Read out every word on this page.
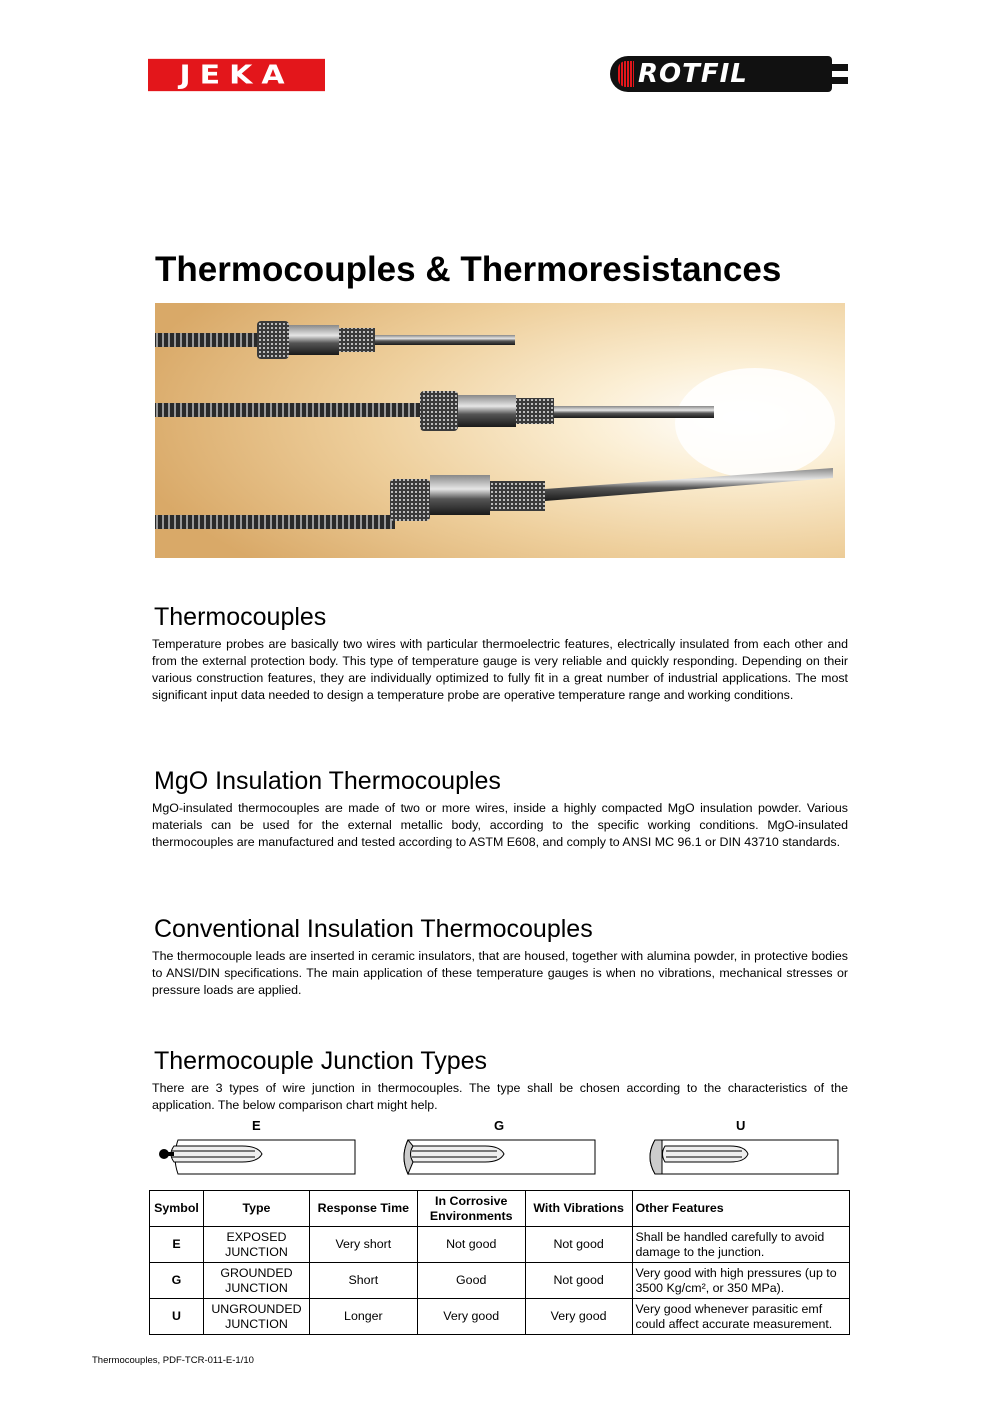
JEKA	ROTFIL
Thermocouples & Thermoresistances
Thermocouples

Temperature probes are basically two wires with particular thermoelectric features, electrically insulated from each other and from the external protection body. This type of temperature gauge is very reliable and quickly responding. Depending on their various construction features, they are individually optimized to fully fit in a great number of industrial applications. The most significant input data needed to design a temperature probe are operative temperature range and working conditions.

MgO Insulation Thermocouples

MgO-insulated thermocouples are made of two or more wires, inside a highly compacted MgO insulation powder. Various materials can be used for the external metallic body, according to the specific working conditions. MgO-insulated thermocouples are manufactured and tested according to ASTM E608, and comply to ANSI MC 96.1 or DIN 43710 standards.

Conventional Insulation Thermocouples

The thermocouple leads are inserted in ceramic insulators, that are housed, together with alumina powder, in protective bodies to ANSI/DIN specifications. The main application of these temperature gauges is when no vibrations, mechanical stresses or pressure loads are applied.

Thermocouple Junction Types

There are 3 types of wire junction in thermocouples. The type shall be chosen according to the characteristics of the application. The below comparison chart might help.

E	G	U
Symbol	Type	Response Time	In Corrosive Environments	With Vibrations	Other Features
E	EXPOSED JUNCTION	Very short	Not good	Not good	Shall be handled carefully to avoid damage to the junction.
G	GROUNDED JUNCTION	Short	Good	Not good	Very good with high pressures (up to 3500 Kg/cm², or 350 MPa).
U	UNGROUNDED JUNCTION	Longer	Very good	Very good	Very good whenever parasitic emf could affect accurate measurement.
Thermocouples, PDF-TCR-011-E-1/10
